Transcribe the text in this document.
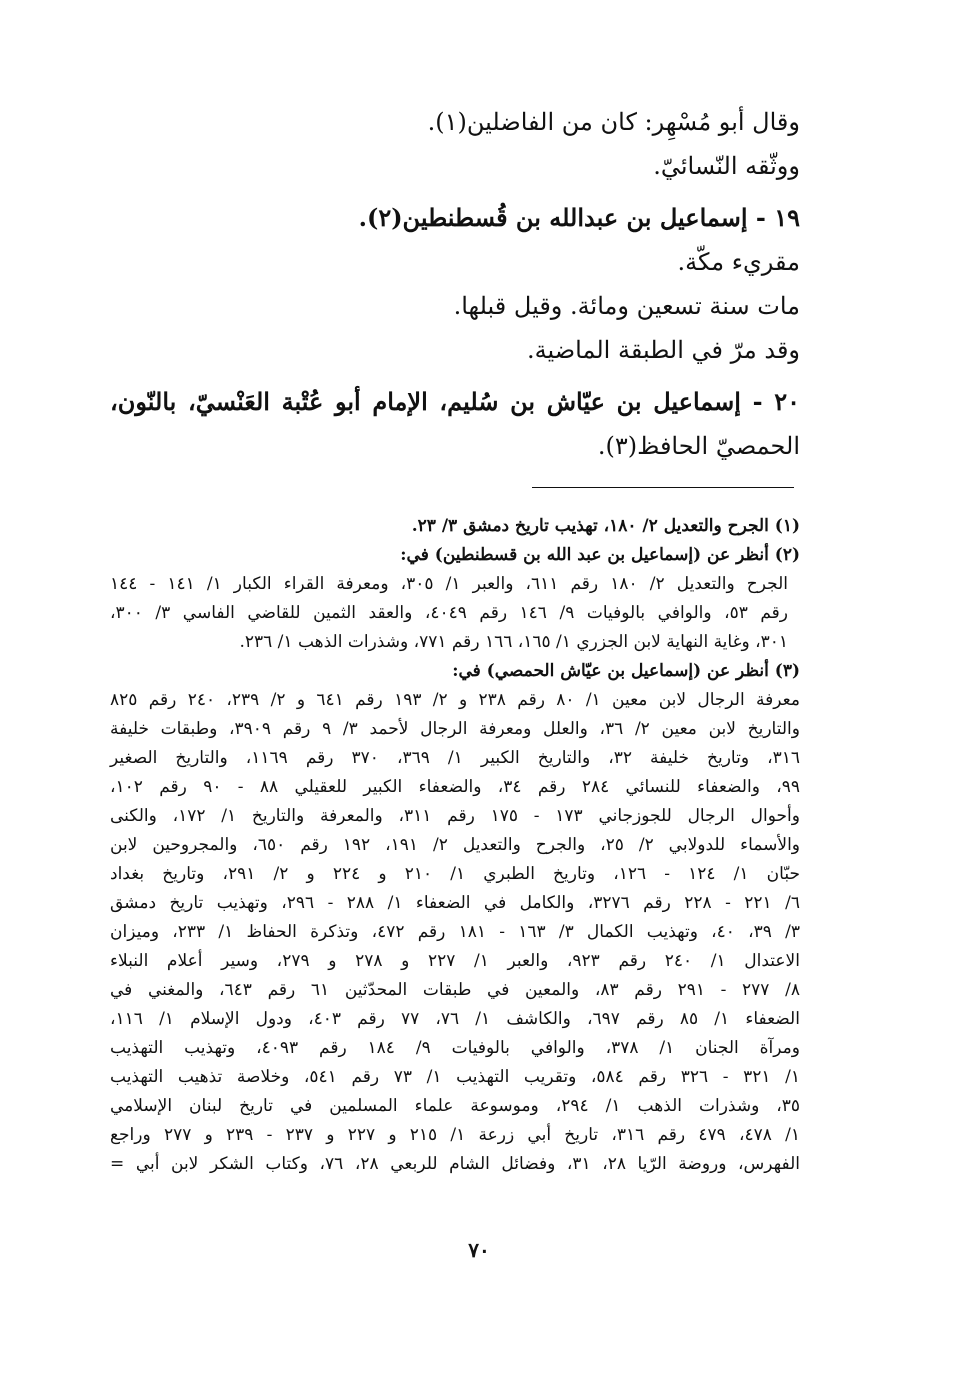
وقال أبو مُسْهِر: كان من الفاضلين(١).
ووثّقه النّسائيّ.
١٩ - إسماعيل بن عبدالله بن قُسطنطين(٢).
مقريء مكّة.
مات سنة تسعين ومائة. وقيل قبلها.
وقد مرّ في الطبقة الماضية.
٢٠ - إسماعيل بن عيّاش بن سُليم، الإمام أبو عُتْبة العَنْسيّ، بالنّون،
الحمصيّ الحافظ(٣).
(١) الجرح والتعديل ٢/ ١٨٠، تهذيب تاريخ دمشق ٣/ ٢٣.
(٢) أنظر عن (إسماعيل بن عبد الله بن قسطنطين) في:
الجرح والتعديل ٢/ ١٨٠ رقم ٦١١، والعبر ١/ ٣٠٥، ومعرفة القراء الكبار ١/ ١٤١ - ١٤٤
رقم ٥٣، والوافي بالوفيات ٩/ ١٤٦ رقم ٤٠٤٩، والعقد الثمين للقاضي الفاسي ٣/ ٣٠٠،
٣٠١، وغاية النهاية لابن الجزري ١/ ١٦٥، ١٦٦ رقم ٧٧١، وشذرات الذهب ١/ ٢٣٦.
(٣) أنظر عن (إسماعيل بن عيّاش الحمصي) في:
معرفة الرجال لابن معين ١/ ٨٠ رقم ٢٣٨ و ٢/ ١٩٣ رقم ٦٤١ و ٢/ ٢٣٩، ٢٤٠ رقم ٨٢٥
والتاريخ لابن معين ٢/ ٣٦، والعلل ومعرفة الرجال لأحمد ٣/ ٩ رقم ٣٩٠٩، وطبقات خليفة
٣١٦، وتاريخ خليفة ٣٢، والتاريخ الكبير ١/ ٣٦٩، ٣٧٠ رقم ١١٦٩، والتاريخ الصغير
٩٩، والضعفاء للنسائي ٢٨٤ رقم ٣٤، والضعفاء الكبير للعقيلي ٨٨ - ٩٠ رقم ١٠٢،
وأحوال الرجال للجوزجاني ١٧٣ - ١٧٥ رقم ٣١١، والمعرفة والتاريخ ١/ ١٧٢، والكنى
والأسماء للدولابي ٢/ ٢٥، والجرح والتعديل ٢/ ١٩١، ١٩٢ رقم ٦٥٠، والمجروحين لابن
حبّان ١/ ١٢٤ - ١٢٦، وتاريخ الطبري ١/ ٢١٠ و ٢٢٤ و ٢/ ٢٩١، وتاريخ بغداد
٦/ ٢٢١ - ٢٢٨ رقم ٣٢٧٦، والكامل في الضعفاء ١/ ٢٨٨ - ٢٩٦، وتهذيب تاريخ دمشق
٣/ ٣٩، ٤٠، وتهذيب الكمال ٣/ ١٦٣ - ١٨١ رقم ٤٧٢، وتذكرة الحفاظ ١/ ٢٣٣، وميزان
الاعتدال ١/ ٢٤٠ رقم ٩٢٣، والعبر ١/ ٢٢٧ و ٢٧٨ و ٢٧٩، وسير أعلام النبلاء
٨/ ٢٧٧ - ٢٩١ رقم ٨٣، والمعين في طبقات المحدّثين ٦١ رقم ٦٤٣، والمغني في
الضعفاء ١/ ٨٥ رقم ٦٩٧، والكاشف ١/ ٧٦، ٧٧ رقم ٤٠٣، ودول الإسلام ١/ ١١٦،
ومرآة الجنان ١/ ٣٧٨، والوافي بالوفيات ٩/ ١٨٤ رقم ٤٠٩٣، وتهذيب التهذيب
١/ ٣٢١ - ٣٢٦ رقم ٥٨٤، وتقريب التهذيب ١/ ٧٣ رقم ٥٤١، وخلاصة تذهيب التهذيب
٣٥، وشذرات الذهب ١/ ٢٩٤، وموسوعة علماء المسلمين في تاريخ لبنان الإسلامي
١/ ٤٧٨، ٤٧٩ رقم ٣١٦، تاريخ أبي زرعة ١/ ٢١٥ و ٢٢٧ و ٢٣٧ - ٢٣٩ و ٢٧٧ وراجع
الفهرس، وروضة الرّيا ٢٨، ٣١، وفضائل الشام للربعي ٢٨، ٧٦، وكتاب الشكر لابن أبي =
٧٠
